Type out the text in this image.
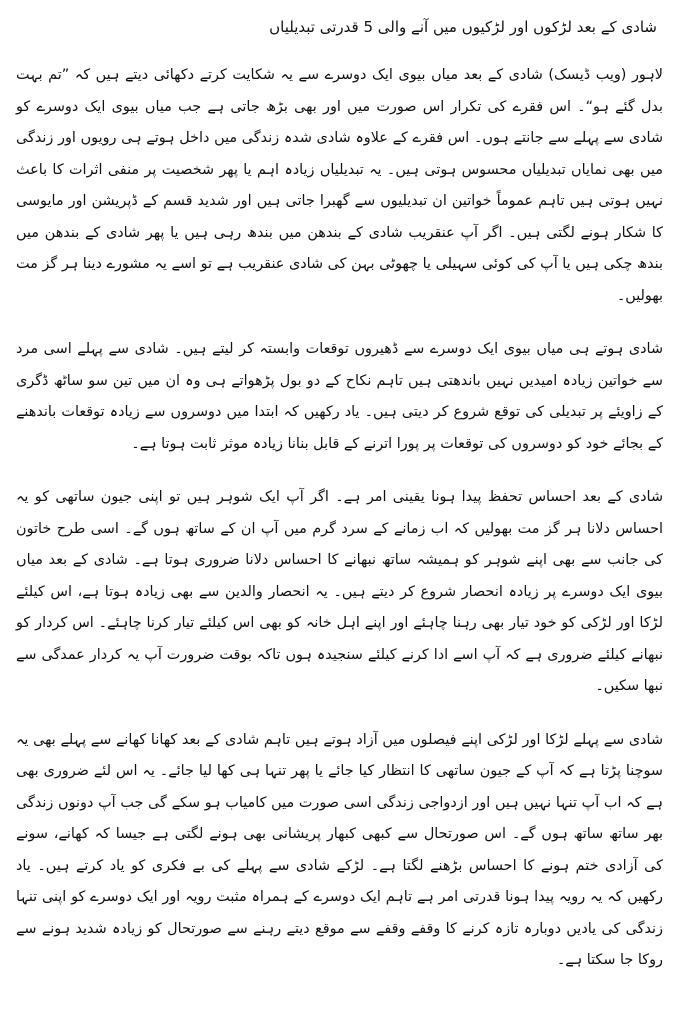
شادی کے بعد لڑکوں اور لڑکیوں میں آنے والی 5 قدرتی تبدیلیاں

لاہور (ویب ڈیسک) شادی کے بعد میاں بیوی ایک دوسرے سے یہ شکایت کرتے دکھائی دیتے ہیں کہ ”تم بہت بدل گئے ہو“۔ اس فقرے کی تکرار اس صورت میں اور بھی بڑھ جاتی ہے جب میاں بیوی ایک دوسرے کو شادی سے پہلے سے جانتے ہوں۔ اس فقرے کے علاوہ شادی شدہ زندگی میں داخل ہوتے ہی رویوں اور زندگی میں بھی نمایاں تبدیلیاں محسوس ہوتی ہیں۔ یہ تبدیلیاں زیادہ اہم یا پھر شخصیت پر منفی اثرات کا باعث نہیں ہوتی ہیں تاہم عموماً خواتین ان تبدیلیوں سے گھبرا جاتی ہیں اور شدید قسم کے ڈپریشن اور مایوسی کا شکار ہونے لگتی ہیں۔ اگر آپ عنقریب شادی کے بندھن میں بندھ رہی ہیں یا پھر شادی کے بندھن میں بندھ چکی ہیں یا آپ کی کوئی سہیلی یا چھوٹی بہن کی شادی عنقریب ہے تو اسے یہ مشورے دینا ہر گز مت بھولیں۔

شادی ہوتے ہی میاں بیوی ایک دوسرے سے ڈھیروں توقعات وابستہ کر لیتے ہیں۔ شادی سے پہلے اسی مرد سے خواتین زیادہ امیدیں نہیں باندھتی ہیں تاہم نکاح کے دو بول پڑھواتے ہی وہ ان میں تین سو ساٹھ ڈگری کے زاویئے پر تبدیلی کی توقع شروع کر دیتی ہیں۔ یاد رکھیں کہ ابتدا میں دوسروں سے زیادہ توقعات باندھنے کے بجائے خود کو دوسروں کی توقعات پر پورا اترنے کے قابل بنانا زیادہ موثر ثابت ہوتا ہے۔

شادی کے بعد احساس تحفظ پیدا ہونا یقینی امر ہے۔ اگر آپ ایک شوہر ہیں تو اپنی جیون ساتھی کو یہ احساس دلانا ہر گز مت بھولیں کہ اب زمانے کے سرد گرم میں آپ ان کے ساتھ ہوں گے۔ اسی طرح خاتون کی جانب سے بھی اپنے شوہر کو ہمیشہ ساتھ نبھانے کا احساس دلانا ضروری ہوتا ہے۔ شادی کے بعد میاں بیوی ایک دوسرے پر زیادہ انحصار شروع کر دیتے ہیں۔ یہ انحصار والدین سے بھی زیادہ ہوتا ہے، اس کیلئے لڑکا اور لڑکی کو خود تیار بھی رہنا چاہئے اور اپنے اہل خانہ کو بھی اس کیلئے تیار کرنا چاہئے۔ اس کردار کو نبھانے کیلئے ضروری ہے کہ آپ اسے ادا کرنے کیلئے سنجیدہ ہوں تاکہ بوقت ضرورت آپ یہ کردار عمدگی سے نبھا سکیں۔

شادی سے پہلے لڑکا اور لڑکی اپنے فیصلوں میں آزاد ہوتے ہیں تاہم شادی کے بعد کھانا کھانے سے پہلے بھی یہ سوچنا پڑتا ہے کہ آپ کے جیون ساتھی کا انتظار کیا جائے یا پھر تنہا ہی کھا لیا جائے۔ یہ اس لئے ضروری بھی ہے کہ اب آپ تنہا نہیں ہیں اور ازدواجی زندگی اسی صورت میں کامیاب ہو سکے گی جب آپ دونوں زندگی بھر ساتھ ساتھ ہوں گے۔ اس صورتحال سے کبھی کبھار پریشانی بھی ہونے لگتی ہے جیسا کہ کھانے، سونے کی آزادی ختم ہونے کا احساس بڑھنے لگتا ہے۔ لڑکے شادی سے پہلے کی بے فکری کو یاد کرتے ہیں۔ یاد رکھیں کہ یہ رویہ پیدا ہونا قدرتی امر ہے تاہم ایک دوسرے کے ہمراہ مثبت رویہ اور ایک دوسرے کو اپنی تنہا زندگی کی یادیں دوبارہ تازہ کرنے کا وقفے وقفے سے موقع دیتے رہنے سے صورتحال کو زیادہ شدید ہونے سے روکا جا سکتا ہے۔
